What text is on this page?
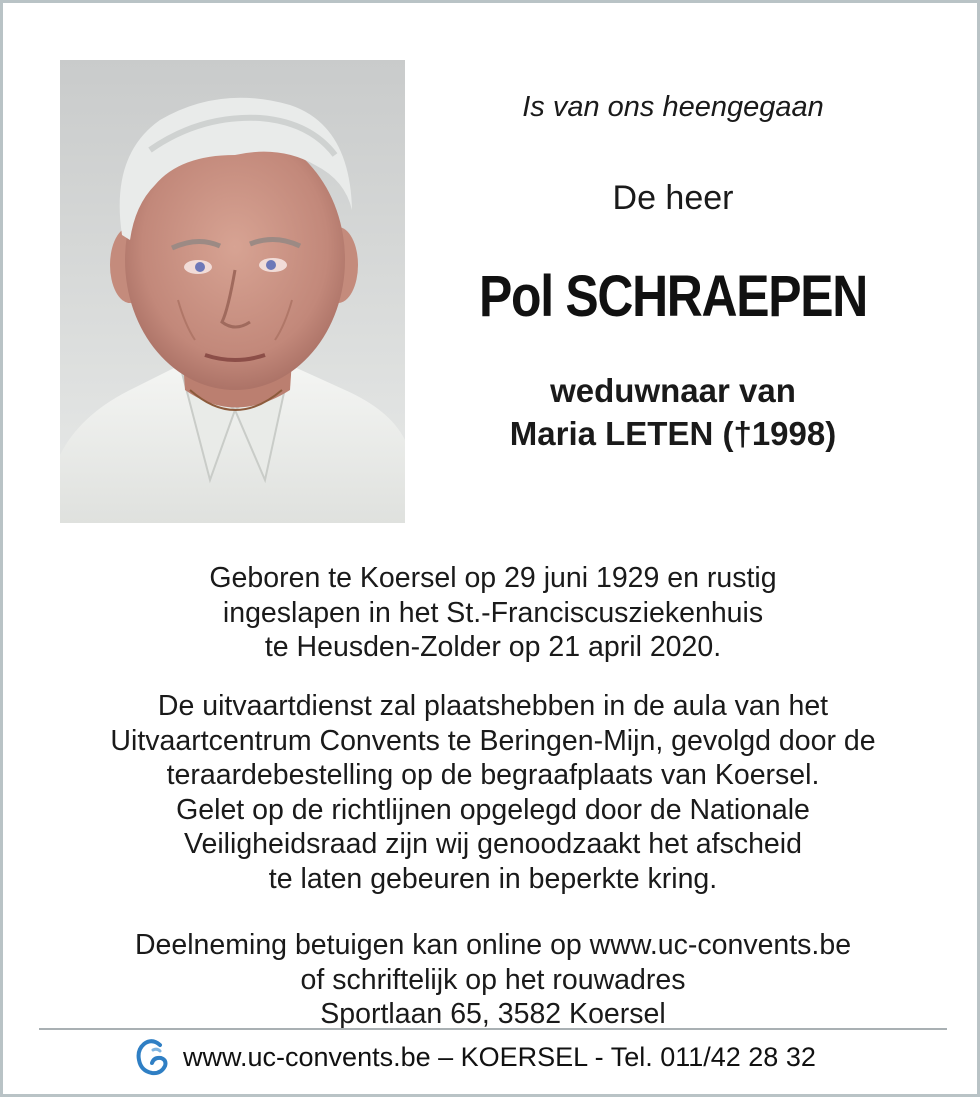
Is van ons heengegaan
De heer
Pol SCHRAEPEN
weduwnaar van
Maria LETEN (†1998)
Geboren te Koersel op 29 juni 1929 en rustig
ingeslapen in het St.-Franciscusziekenhuis
te Heusden-Zolder op 21 april 2020.
De uitvaartdienst zal plaatshebben in de aula van het
Uitvaartcentrum Convents te Beringen-Mijn, gevolgd door de
teraardebestelling op de begraafplaats van Koersel.
Gelet op de richtlijnen opgelegd door de Nationale
Veiligheidsraad zijn wij genoodzaakt het afscheid
te laten gebeuren in beperkte kring.
Deelneming betuigen kan online op www.uc-convents.be
of schriftelijk op het rouwadres
Sportlaan 65, 3582 Koersel
www.uc-convents.be – KOERSEL - Tel. 011/42 28 32
